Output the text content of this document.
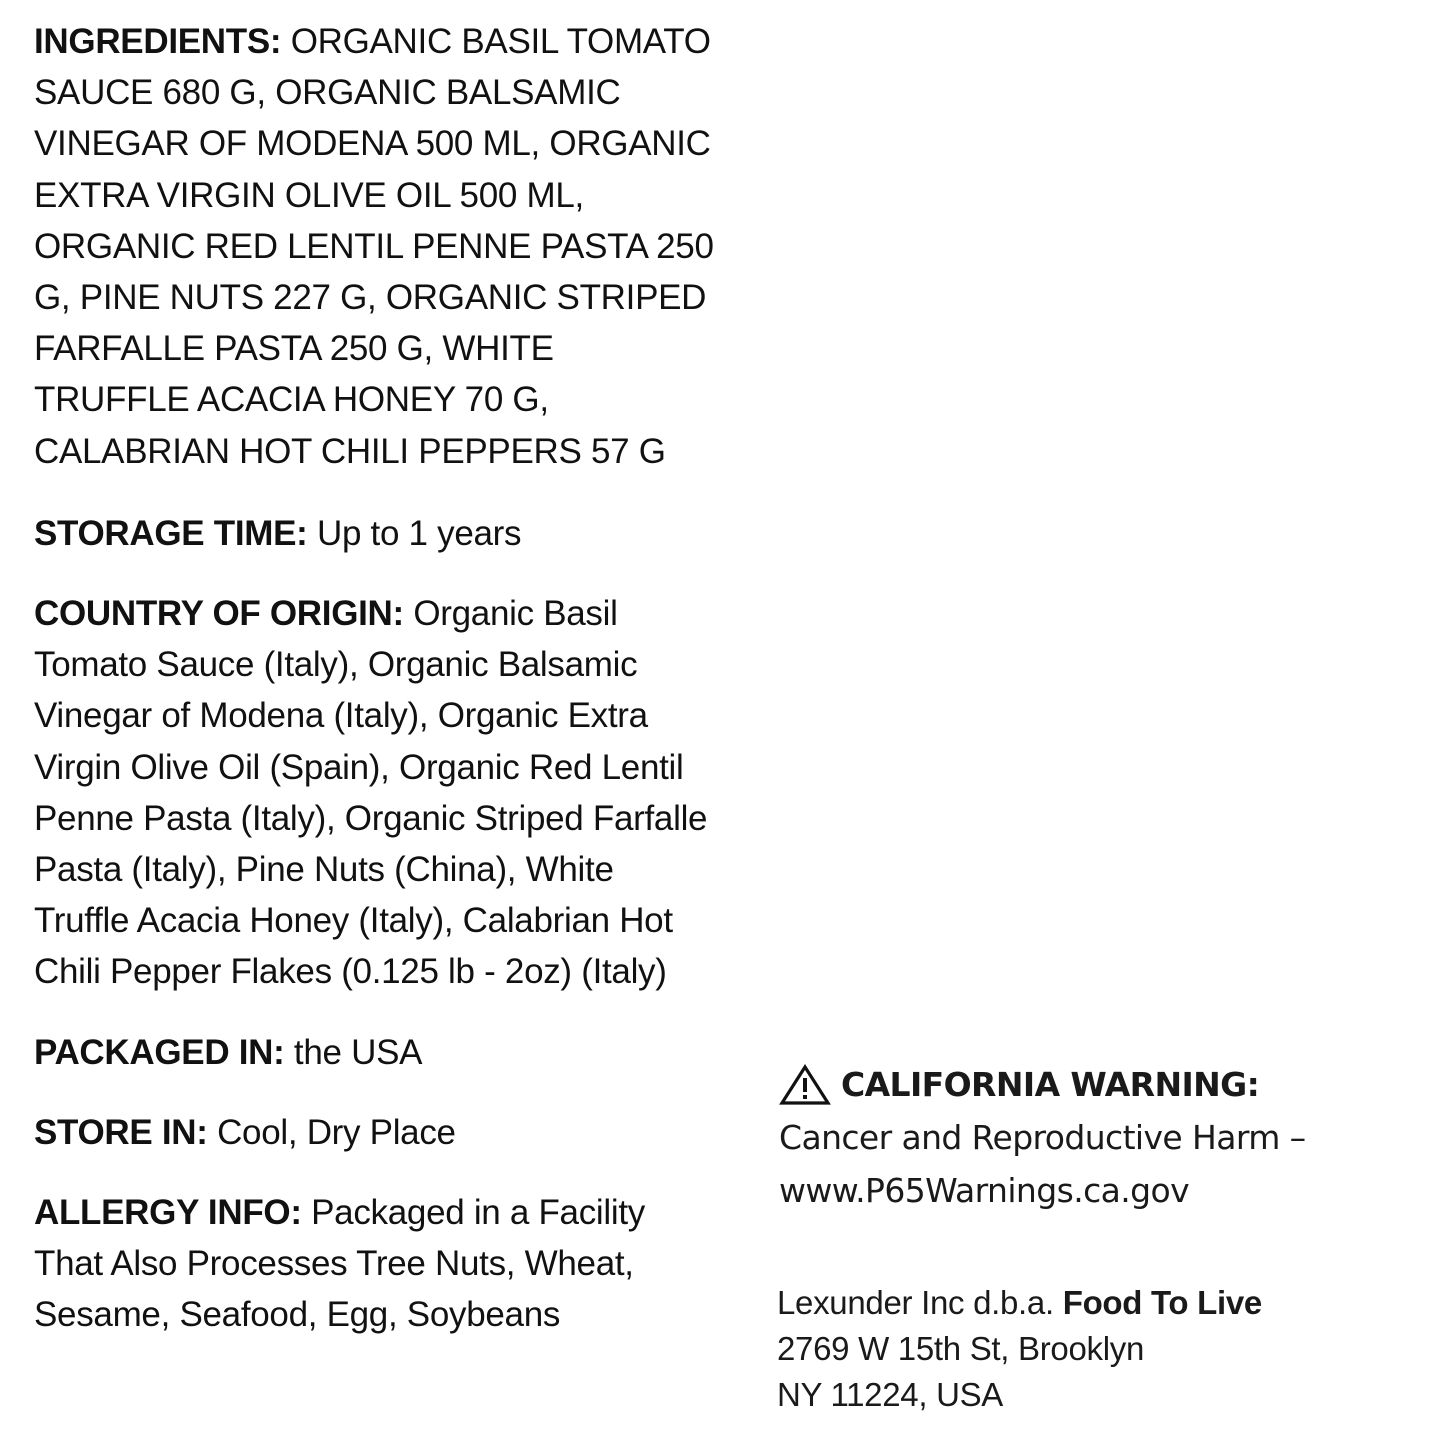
INGREDIENTS: ORGANIC BASIL TOMATO SAUCE 680 G, ORGANIC BALSAMIC VINEGAR OF MODENA 500 ML, ORGANIC EXTRA VIRGIN OLIVE OIL 500 ML, ORGANIC RED LENTIL PENNE PASTA 250 G, PINE NUTS 227 G, ORGANIC STRIPED FARFALLE PASTA 250 G, WHITE TRUFFLE ACACIA HONEY 70 G, CALABRIAN HOT CHILI PEPPERS 57 G

STORAGE TIME: Up to 1 years

COUNTRY OF ORIGIN: Organic Basil Tomato Sauce (Italy), Organic Balsamic Vinegar of Modena (Italy), Organic Extra Virgin Olive Oil (Spain), Organic Red Lentil Penne Pasta (Italy), Organic Striped Farfalle Pasta (Italy), Pine Nuts (China), White Truffle Acacia Honey (Italy), Calabrian Hot Chili Pepper Flakes (0.125 lb - 2oz) (Italy)

PACKAGED IN: the USA

STORE IN: Cool, Dry Place

ALLERGY INFO: Packaged in a Facility That Also Processes Tree Nuts, Wheat, Sesame, Seafood, Egg, Soybeans

CALIFORNIA WARNING:
Cancer and Reproductive Harm –
www.P65Warnings.ca.gov
Lexunder Inc d.b.a. Food To Live
2769 W 15th St, Brooklyn
NY 11224, USA
